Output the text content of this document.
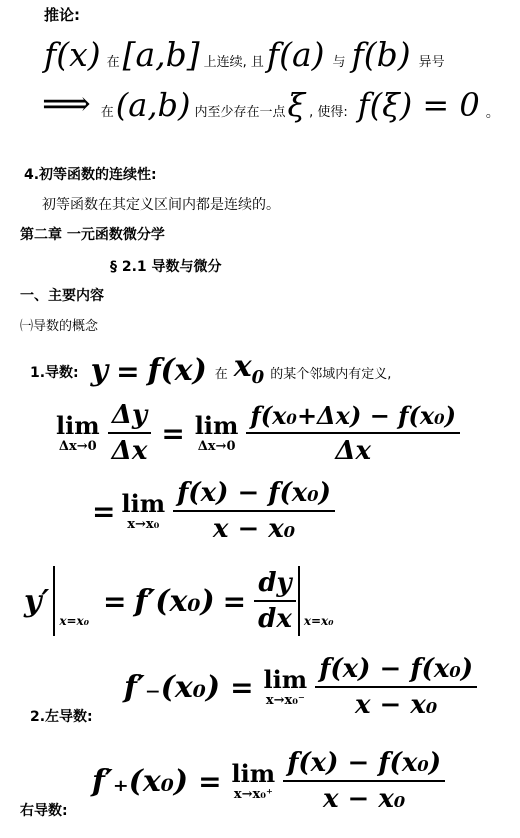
推论:
f(x) 在 [a,b] 上连续, 且 f(a) 与 f(b) 异号
⟹ 在 (a,b) 内至少存在一点 ξ , 使得: f(ξ) = 0 。
4.初等函数的连续性:
初等函数在其定义区间内都是连续的。
第二章 一元函数微分学
§ 2.1 导数与微分
一、主要内容
㈠导数的概念
1.导数: y = f(x) 在 $x_0$ 的某个邻域内有定义,
lim
$\Delta x\to 0 \frac{\Delta y}{\Delta x} = \lim$
$\Delta x\to 0 \frac{\text{f(x₀+Δx) − f(x₀)}}{\Delta x}$
= lim
$x\to x_0 \frac{\text{f(x) − f(x₀)}}{\text{x − x₀}}$
y′
x=x₀
= $f'(x_0) = \frac{dy}{dx} x=x_0$
2.左导数:
f′₋(x₀) = lim
$x\to x_0^- \frac{\text{f(x) − f(x₀)}}{\text{x − x₀}}$
右导数:
f′₊(x₀) = lim
$x\to x_0^+ \frac{\text{f(x) − f(x₀)}}{\text{x − x₀}}$
